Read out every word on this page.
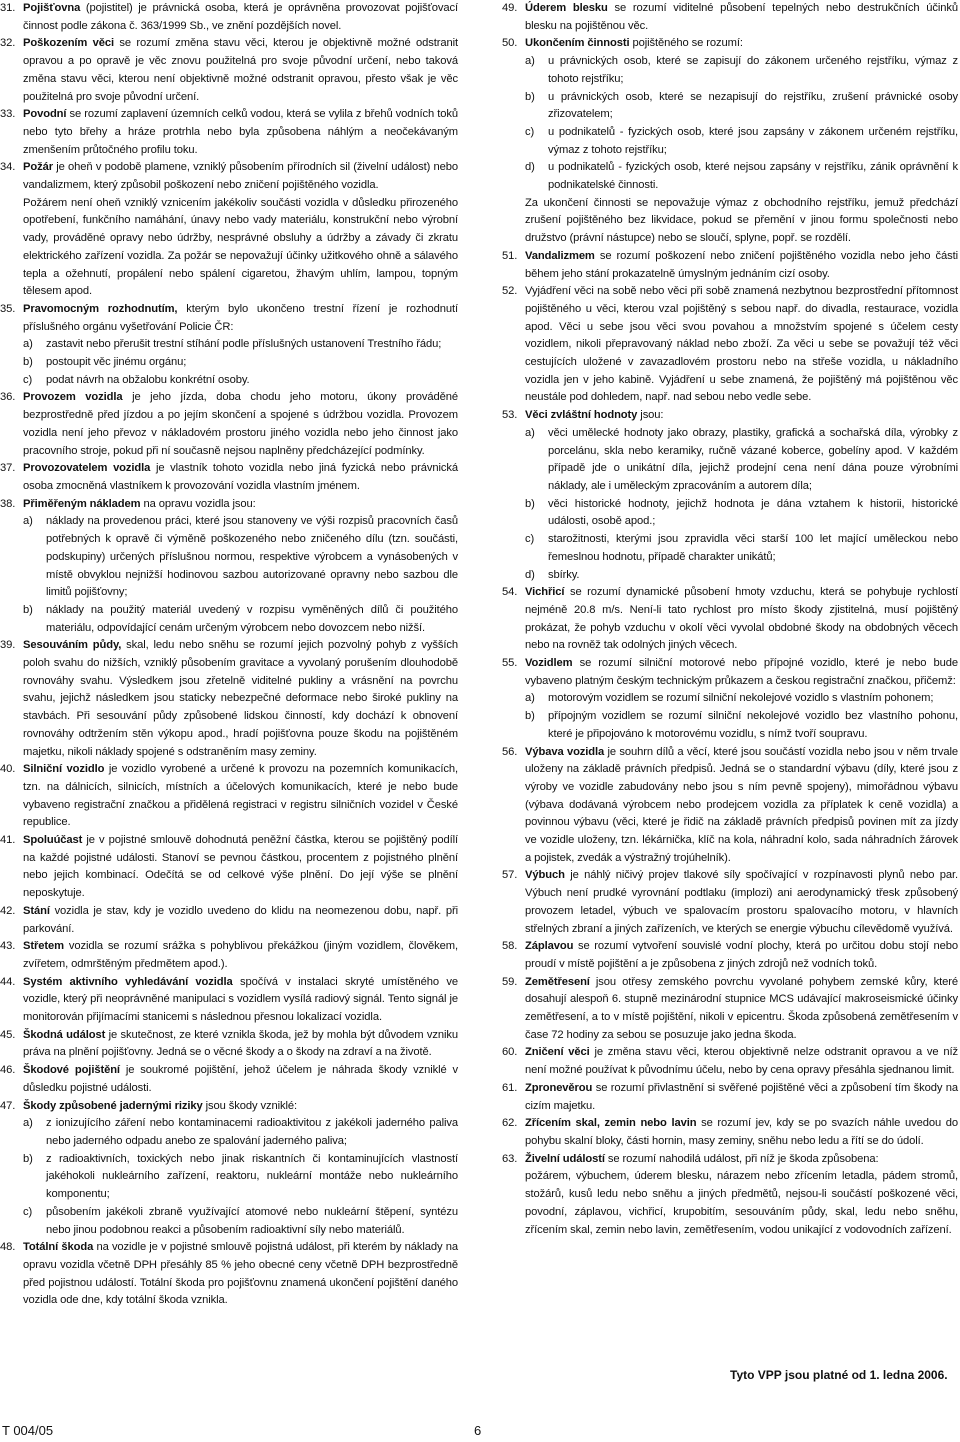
31 . Pojišťovna (pojistitel) je právnická osoba, která je oprávněna provozovat pojišťovací činnost podle zákona č. 363/1999 Sb., ve znění pozdějších novel.
32 . Poškozením věci se rozumí změna stavu věci, kterou je objektivně možné odstranit opravou a po opravě je věc znovu použitelná pro svoje původní určení, nebo taková změna stavu věci, kterou není objektivně možné odstranit opravou, přesto však je věc použitelná pro svoje původní určení.
33 . Povodní se rozumí zaplavení územních celků vodou, která se vylila z břehů vodních toků nebo tyto břehy a hráze protrhla nebo byla způsobena náhlým a neočekávaným zmenšením průtočného profilu toku.
34 . Požár je oheň v podobě plamene, vzniklý působením přírodních sil (živelní událost) nebo vandalizmem, který způsobil poškození nebo zničení pojištěného vozidla.
Požárem není oheň vzniklý vznicením jakékoliv součásti vozidla v důsledku přirozeného opotřebení, funkčního namáhání, únavy nebo vady materiálu, konstrukční nebo výrobní vady, prováděné opravy nebo údržby, nesprávné obsluhy a údržby a závady či zkratu elektrického zařízení vozidla. Za požár se nepovažují účinky užitkového ohně a sálavého tepla a ožehnutí, propálení nebo spálení cigaretou, žhavým uhlím, lampou, topným tělesem apod.
35 . Pravomocným rozhodnutím, kterým bylo ukončeno trestní řízení je rozhodnutí příslušného orgánu vyšetřování Policie ČR:
a )	zastavit nebo přerušit trestní stíhání podle příslušných ustanovení Trestního řádu;
b )	postoupit věc jinému orgánu;
c )	podat návrh na obžalobu konkrétní osoby.
36 . Provozem vozidla je jeho jízda, doba chodu jeho motoru, úkony prováděné bezprostředně před jízdou a po jejím skončení a spojené s údržbou vozidla. Provozem vozidla není jeho převoz v nákladovém prostoru jiného vozidla nebo jeho činnost jako pracovního stroje, pokud při ní současně nejsou naplněny předcházející podmínky.
37 . Provozovatelem vozidla je vlastník tohoto vozidla nebo jiná fyzická nebo právnická osoba zmocněná vlastníkem k provozování vozidla vlastním jménem.
38 . Přiměřeným nákladem na opravu vozidla jsou:
a )	náklady na provedenou práci, které jsou stanoveny ve výši rozpisů pracovních časů potřebných k opravě či výměně poškozeného nebo zničeného dílu (tzn. součásti, podskupiny) určených příslušnou normou, respektive výrobcem a vynásobených v místě obvyklou nejnižší hodinovou sazbou autorizované opravny nebo sazbou dle limitů pojišťovny;
b )	náklady na použitý materiál uvedený v rozpisu vyměněných dílů či použitého materiálu, odpovídající cenám určeným výrobcem nebo dovozcem nebo nižší.
39 . Sesouváním půdy, skal, ledu nebo sněhu se rozumí jejich pozvolný pohyb z vyšších poloh svahu do nižších, vzniklý působením gravitace a vyvolaný porušením dlouhodobě rovnováhy svahu. Výsledkem jsou zřetelně viditelné pukliny a vrásnění na povrchu svahu, jejichž následkem jsou staticky nebezpečné deformace nebo široké pukliny na stavbách. Při sesouvání půdy způsobené lidskou činností, kdy dochází k obnovení rovnováhy odtržením stěn výkopu apod., hradí pojišťovna pouze škodu na pojištěném majetku, nikoli náklady spojené s odstraněním masy zeminy.
40 . Silniční vozidlo je vozidlo vyrobené a určené k provozu na pozemních komunikacích, tzn. na dálnicích, silnicích, místních a účelových komunikacích, které je nebo bude vybaveno registrační značkou a přidělená registraci v registru silničních vozidel v České republice.
41 . Spoluúčast je v pojistné smlouvě dohodnutá peněžní částka, kterou se pojištěný podílí na každé pojistné události. Stanoví se pevnou částkou, procentem z pojistného plnění nebo jejich kombinací. Odečítá se od celkové výše plnění. Do její výše se plnění neposkytuje.
42 . Stání vozidla je stav, kdy je vozidlo uvedeno do klidu na neomezenou dobu, např. při parkování.
43 . Střetem vozidla se rozumí srážka s pohyblivou překážkou (jiným vozidlem, člověkem, zvířetem, odmrštěným předmětem apod.).
44 . Systém aktivního vyhledávání vozidla spočívá v instalaci skryté umístěného ve vozidle, který při neoprávněné manipulaci s vozidlem vysílá radiový signál. Tento signál je monitorován přijímacími stanicemi s následnou přesnou lokalizací vozidla.
45 . Škodná událost je skutečnost, ze které vznikla škoda, jež by mohla být důvodem vzniku práva na plnění pojišťovny. Jedná se o věcné škody a o škody na zdraví a na životě.
46 . Škodové pojištění je soukromé pojištění, jehož účelem je náhrada škody vzniklé v důsledku pojistné události.
47 . Škody způsobené jadernými riziky jsou škody vzniklé:
a )	z ionizujícího záření nebo kontaminacemi radioaktivitou z jakékoli jaderného paliva nebo jaderného odpadu anebo ze spalování jaderného paliva;
b )	z radioaktivních, toxických nebo jinak riskantních či kontaminujících vlastností jakéhokoli nukleárního zařízení, reaktoru, nukleární montáže nebo nukleárního komponentu;
c )	působením jakékoli zbraně využívající atomové nebo nukleární štěpení, syntézu nebo jinou podobnou reakci a působením radioaktivní síly nebo materiálů.
48 . Totální škoda na vozidle je v pojistné smlouvě pojistná událost, při kterém by náklady na opravu vozidla včetně DPH přesáhly 85 % jeho obecné ceny včetně DPH bezprostředně před pojistnou událostí. Totální škoda pro pojišťovnu znamená ukončení pojištění daného vozidla ode dne, kdy totální škoda vznikla.
49 . Úderem blesku se rozumí viditelné působení tepelných nebo destrukčních účinků blesku na pojištěnou věc.
50 . Ukončením činnosti pojištěného se rozumí:
a )	u právnických osob, které se zapisují do zákonem určeného rejstříku, výmaz z tohoto rejstříku;
b )	u právnických osob, které se nezapisují do rejstříku, zrušení právnické osoby zřizovatelem;
c )	u podnikatelů - fyzických osob, které jsou zapsány v zákonem určeném rejstříku, výmaz z tohoto rejstříku;
d )	u podnikatelů - fyzických osob, které nejsou zapsány v rejstříku, zánik oprávnění k podnikatelské činnosti.
Za ukončení činnosti se nepovažuje výmaz z obchodního rejstříku, jemuž předchází zrušení pojištěného bez likvidace, pokud se přemění v jinou formu společnosti nebo družstvo (právní nástupce) nebo se sloučí, splyne, popř. se rozdělí.
51 . Vandalizmem se rozumí poškození nebo zničení pojištěného vozidla nebo jeho části během jeho stání prokazatelně úmyslným jednáním cizí osoby.
52 . Vyjádření věci na sobě nebo věci při sobě znamená nezbytnou bezprostřední přítomnost pojištěného u věci, kterou vzal pojištěný s sebou např. do divadla, restaurace, vozidla apod. Věci u sebe jsou věci svou povahou a množstvím spojené s účelem cesty vozidlem, nikoli přepravovaný náklad nebo zboží. Za věci u sebe se považují též věci cestujících uložené v zavazadlovém prostoru nebo na střeše vozidla, u nákladního vozidla jen v jeho kabině. Vyjádření u sebe znamená, že pojištěný má pojištěnou věc neustále pod dohledem, např. nad sebou nebo vedle sebe.
53 . Věci zvláštní hodnoty jsou:
a )	věci umělecké hodnoty jako obrazy, plastiky, grafická a sochařská díla, výrobky z porcelánu, skla nebo keramiky, ručně vázané koberce, gobelíny apod. V každém případě jde o unikátní díla, jejichž prodejní cena není dána pouze výrobními náklady, ale i uměleckým zpracováním a autorem díla;
b )	věci historické hodnoty, jejichž hodnota je dána vztahem k historii, historické události, osobě apod.;
c )	starožitnosti, kterými jsou zpravidla věci starší 100 let mající uměleckou nebo řemeslnou hodnotu, případě charakter unikátů;
d )	sbírky.
54 . Vichřicí se rozumí dynamické působení hmoty vzduchu, která se pohybuje rychlostí nejméně 20.8 m/s. Není-li tato rychlost pro místo škody zjistitelná, musí pojištěný prokázat, že pohyb vzduchu v okolí věci vyvolal obdobné škody na obdobných věcech nebo na rovněž tak odolných jiných věcech.
55 . Vozidlem se rozumí silniční motorové nebo přípojné vozidlo, které je nebo bude vybaveno platným českým technickým průkazem a českou registrační značkou, přičemž:
a )	motorovým vozidlem se rozumí silniční nekolejové vozidlo s vlastním pohonem;
b )	přípojným vozidlem se rozumí silniční nekolejové vozidlo bez vlastního pohonu, které je připojováno k motorovému vozidlu, s nímž tvoří soupravu.
56 . Výbava vozidla je souhrn dílů a věcí, které jsou součástí vozidla nebo jsou v něm trvale uloženy na základě právních předpisů. Jedná se o standardní výbavu (díly, které jsou z výroby ve vozidle zabudovány nebo jsou s ním pevně spojeny), mimořádnou výbavu (výbava dodávaná výrobcem nebo prodejcem vozidla za příplatek k ceně vozidla) a povinnou výbavu (věci, které je řidič na základě právních předpisů povinen mít za jízdy ve vozidle uloženy, tzn. lékárnička, klíč na kola, náhradní kolo, sada náhradních žárovek a pojistek, zvedák a výstražný trojúhelník).
57 . Výbuch je náhlý ničivý projev tlakové síly spočívající v rozpínavosti plynů nebo par. Výbuch není prudké vyrovnání podtlaku (implozi) ani aerodynamický třesk způsobený provozem letadel, výbuch ve spalovacím prostoru spalovacího motoru, v hlavních střelných zbraní a jiných zařízeních, ve kterých se energie výbuchu cílevědomě využívá.
58 . Záplavou se rozumí vytvoření souvislé vodní plochy, která po určitou dobu stojí nebo proudí v místě pojištění a je způsobena z jiných zdrojů než vodních toků.
59 . Zemětřesení jsou otřesy zemského povrchu vyvolané pohybem zemské kůry, které dosahují alespoň 6. stupně mezinárodní stupnice MCS udávající makroseismické účinky zemětřesení, a to v místě pojištění, nikoli v epicentru. Škoda způsobená zemětřesením v čase 72 hodiny za sebou se posuzuje jako jedna škoda.
60 . Zničení věci je změna stavu věci, kterou objektivně nelze odstranit opravou a ve níž není možné používat k původnímu účelu, nebo by cena opravy přesáhla sjednanou limit.
61 . Zpronevěrou se rozumí přivlastnění si svěřené pojištěné věci a způsobení tím škody na cizím majetku.
62 . Zřícením skal, zemin nebo lavin se rozumí jev, kdy se po svazích náhle uvedou do pohybu skalní bloky, části hornin, masy zeminy, sněhu nebo ledu a řítí se do údolí.
63 . Živelní událostí se rozumí nahodilá událost, při níž je škoda způsobena:
požárem, výbuchem, úderem blesku, nárazem nebo zřícením letadla, pádem stromů, stožárů, kusů ledu nebo sněhu a jiných předmětů, nejsou-li součástí poškozené věci, povodní, záplavou, vichřicí, krupobitím, sesouváním půdy, skal, ledu nebo sněhu, zřícením skal, zemin nebo lavin, zemětřesením, vodou unikající z vodovodních zařízení.
Tyto VPP jsou platné od 1. ledna 2006.
T 004/05	6
